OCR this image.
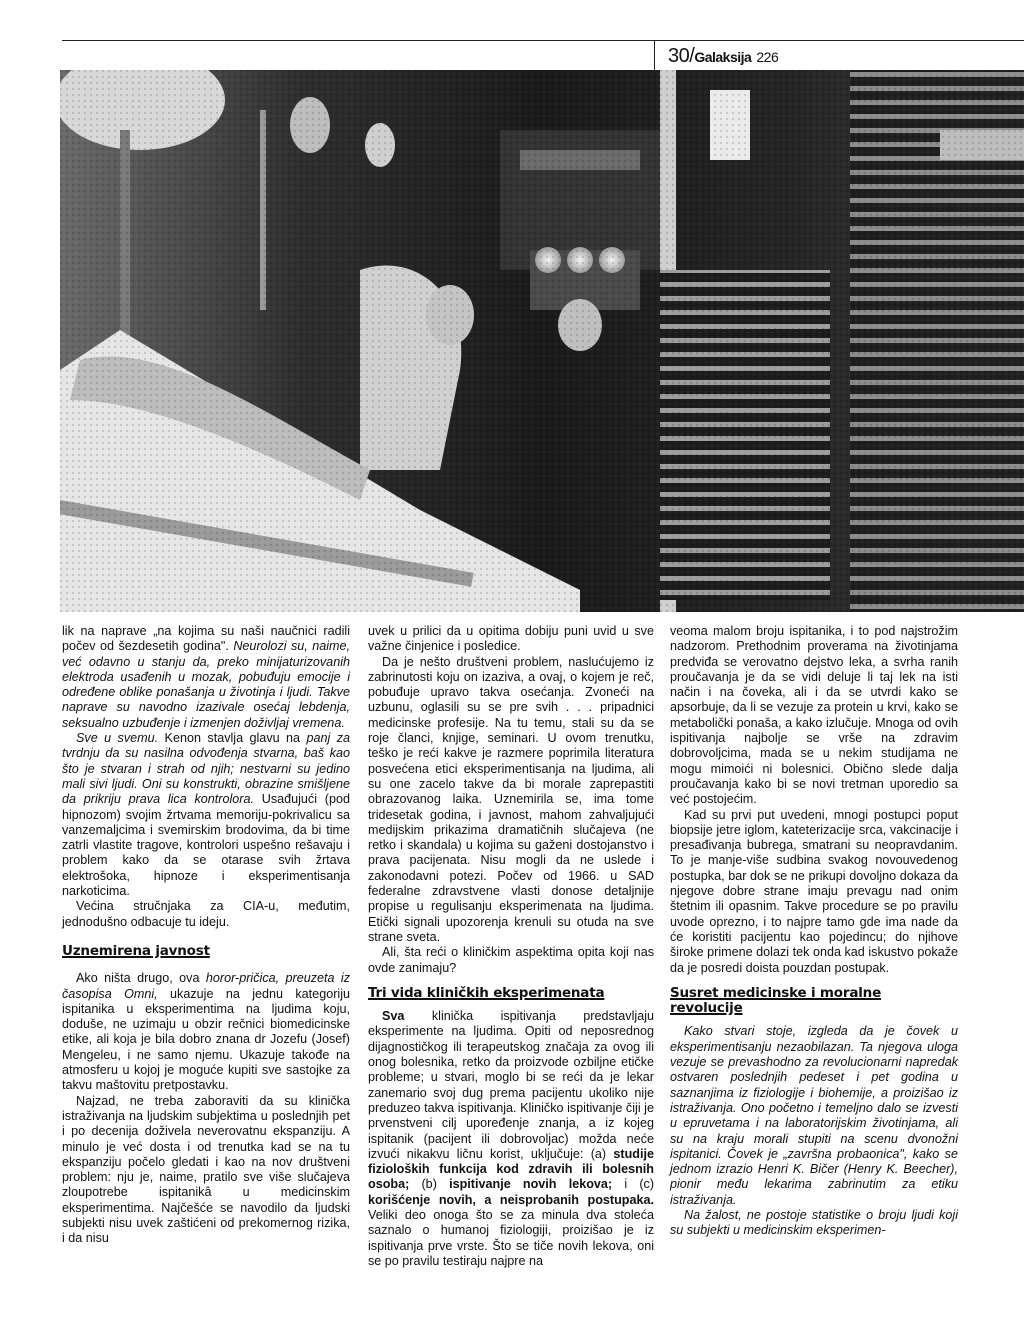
30/Galaksija 226

lik na naprave „na kojima su naši naučnici radili počev od šezdesetih godina". Neurolozi su, naime, već odavno u stanju da, preko minijaturizovanih elektroda usađenih u mozak, pobuđuju emocije i određene oblike ponašanja u životinja i ljudi. Takve naprave su navodno izazivale osećaj lebdenja, seksualno uzbuđenje i izmenjen doživljaj vremena.

Sve u svemu. Kenon stavlja glavu na panj za tvrdnju da su nasilna odvođenja stvarna, baš kao što je stvaran i strah od njih; nestvarni su jedino mali sivi ljudi. Oni su konstrukti, obrazine smišljene da prikriju prava lica kontrolora. Usađujući (pod hipnozom) svojim žrtvama memoriju-pokrivalicu sa vanzemaljcima i svemirskim brodovima, da bi time zatrli vlastite tragove, kontrolori uspešno rešavaju i problem kako da se otarase svih žrtava elektrošoka, hipnoze i eksperimentisanja narkoticima.

Većina stručnjaka za CIA-u, međutim, jednodušno odbacuje tu ideju.

Uznemirena javnost

Ako ništa drugo, ova horor-pričica, preuzeta iz časopisa Omni, ukazuje na jednu kategoriju ispitanika u eksperimentima na ljudima koju, doduše, ne uzimaju u obzir rečnici biomedicinske etike, ali koja je bila dobro znana dr Jozefu (Josef) Mengeleu, i ne samo njemu. Ukazuje takođe na atmosferu u kojoj je moguće kupiti sve sastojke za takvu maštovitu pretpostavku.

Najzad, ne treba zaboraviti da su klinička istraživanja na ljudskim subjektima u poslednjih pet i po decenija doživela neverovatnu ekspanziju. A minulo je već dosta i od trenutka kad se na tu ekspanziju počelo gledati i kao na nov društveni problem: nju je, naime, pratilo sve više slučajeva zloupotrebe ispitanikâ u medicinskim eksperimentima. Najčešće se navodilo da ljudski subjekti nisu uvek zaštićeni od prekomernog rizika, i da nisu

uvek u prilici da u opitima dobiju puni uvid u sve važne činjenice i posledice.

Da je nešto društveni problem, naslućujemo iz zabrinutosti koju on izaziva, a ovaj, o kojem je reč, pobuđuje upravo takva osećanja. Zvoneći na uzbunu, oglasili su se pre svih . . . pripadnici medicinske profesije. Na tu temu, stali su da se roje članci, knjige, seminari. U ovom trenutku, teško je reći kakve je razmere poprimila literatura posvećena etici eksperimentisanja na ljudima, ali su one zacelo takve da bi morale zaprepastiti obrazovanog laika. Uznemirila se, ima tome tridesetak godina, i javnost, mahom zahvaljujući medijskim prikazima dramatičnih slučajeva (ne retko i skandala) u kojima su gaženi dostojanstvo i prava pacijenata. Nisu mogli da ne uslede i zakonodavni potezi. Počev od 1966. u SAD federalne zdravstvene vlasti donose detaljnije propise u regulisanju eksperimenata na ljudima. Etički signali upozorenja krenuli su otuda na sve strane sveta.

Ali, šta reći o kliničkim aspektima opita koji nas ovde zanimaju?

Tri vida kliničkih eksperimenata

Sva klinička ispitivanja predstavljaju eksperimente na ljudima. Opiti od neposrednog dijagnostičkog ili terapeutskog značaja za ovog ili onog bolesnika, retko da proizvode ozbiljne etičke probleme; u stvari, moglo bi se reći da je lekar zanemario svoj dug prema pacijentu ukoliko nije preduzeo takva ispitivanja. Kliničko ispitivanje čiji je prvenstveni cilj upoređenje znanja, a iz kojeg ispitanik (pacijent ili dobrovoljac) možda neće izvući nikakvu ličnu korist, uključuje: (a) studije fizioloških funkcija kod zdravih ili bolesnih osoba; (b) ispitivanje novih lekova; i (c) korišćenje novih, a neisprobanih postupaka. Veliki deo onoga što se za minula dva stoleća saznalo o humanoj fiziologiji, proizišao je iz ispitivanja prve vrste. Što se tiče novih lekova, oni se po pravilu testiraju najpre na

veoma malom broju ispitanika, i to pod najstrožim nadzorom. Prethodnim proverama na životinjama predviđa se verovatno dejstvo leka, a svrha ranih proučavanja je da se vidi deluje li taj lek na isti način i na čoveka, ali i da se utvrdi kako se apsorbuje, da li se vezuje za protein u krvi, kako se metabolički ponaša, a kako izlučuje. Mnoga od ovih ispitivanja najbolje se vrše na zdravim dobrovoljcima, mada se u nekim studijama ne mogu mimoići ni bolesnici. Obično slede dalja proučavanja kako bi se novi tretman uporedio sa već postojećim.

Kad su prvi put uvedeni, mnogi postupci poput biopsije jetre iglom, kateterizacije srca, vakcinacije i presađivanja bubrega, smatrani su neopravdanim. To je manje-više sudbina svakog novouvedenog postupka, bar dok se ne prikupi dovoljno dokaza da njegove dobre strane imaju prevagu nad onim štetnim ili opasnim. Takve procedure se po pravilu uvode oprezno, i to najpre tamo gde ima nade da će koristiti pacijentu kao pojedincu; do njihove široke primene dolazi tek onda kad iskustvo pokaže da je posredi doista pouzdan postupak.

Susret medicinske i moralne revolucije

Kako stvari stoje, izgleda da je čovek u eksperimentisanju nezaobilazan. Ta njegova uloga vezuje se prevashodno za revolucionarni napredak ostvaren poslednjih pedeset i pet godina u saznanjima iz fiziologije i biohemije, a proizišao iz istraživanja. Ono početno i temeljno dalo se izvesti u epruvetama i na laboratorijskim životinjama, ali su na kraju morali stupiti na scenu dvonožni ispitanici. Čovek je „završna probaonica", kako se jednom izrazio Henri K. Bičer (Henry K. Beecher), pionir među lekarima zabrinutim za etiku istraživanja.

Na žalost, ne postoje statistike o broju ljudi koji su subjekti u medicinskim eksperimen-
